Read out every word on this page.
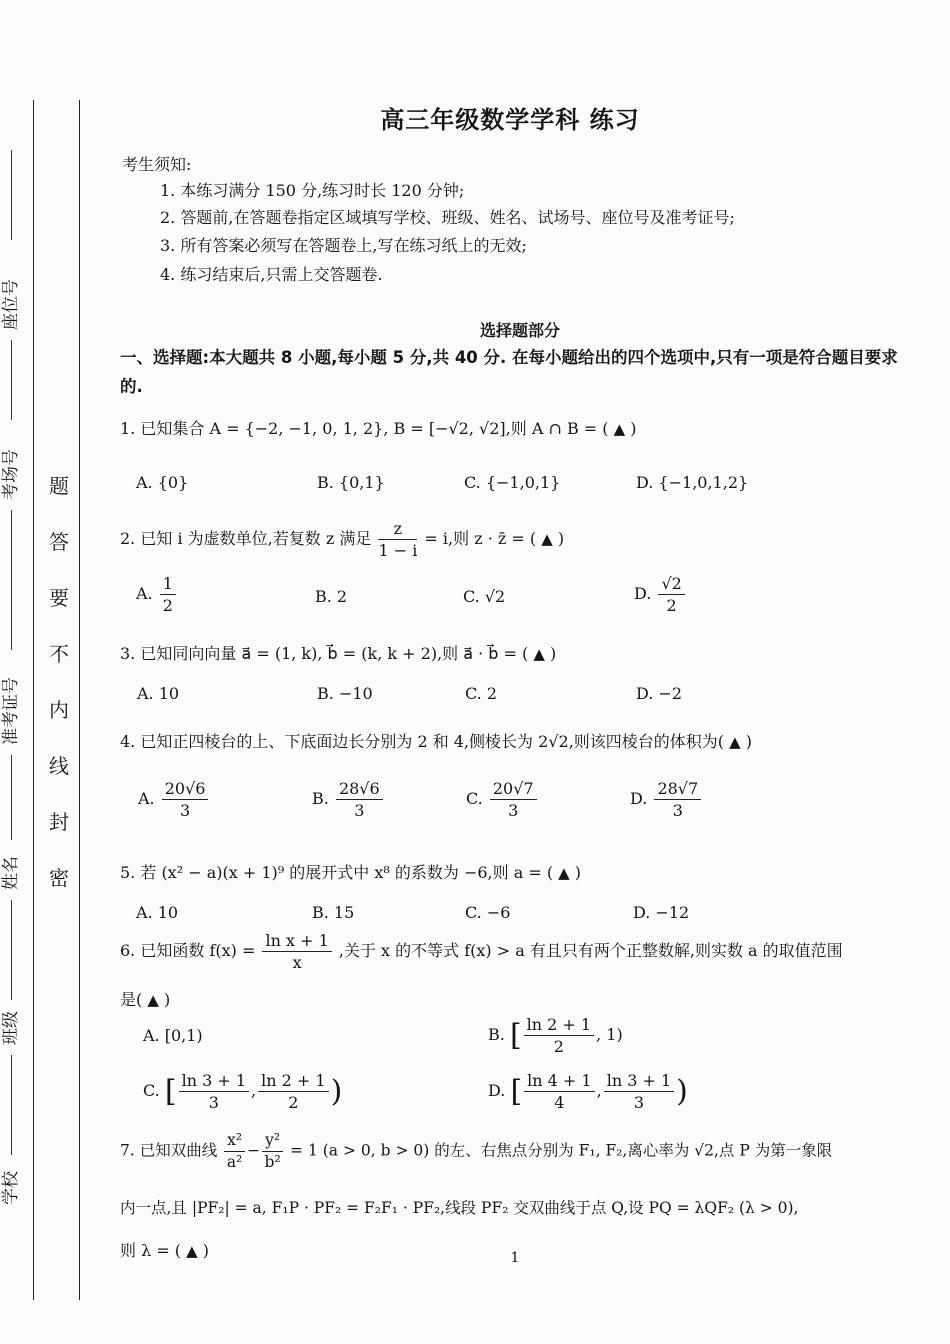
题
答
要
不
内
线
封
密
座位号
考场号
准考证号
姓名
班级
学校
高三年级数学学科 练习
考生须知:
1. 本练习满分 150 分,练习时长 120 分钟;
2. 答题前,在答题卷指定区域填写学校、班级、姓名、试场号、座位号及准考证号;
3. 所有答案必须写在答题卷上,写在练习纸上的无效;
4. 练习结束后,只需上交答题卷.
选择题部分
一、选择题:本大题共 8 小题,每小题 5 分,共 40 分. 在每小题给出的四个选项中,只有一项是符合题目要求的.
1. 已知集合 A = {−2, −1, 0, 1, 2}, B = [−√2, √2],则 A ∩ B = ( ▲ )
A. {0}	B. {0,1}	C. {−1,0,1}	D. {−1,0,1,2}
2. 已知 i 为虚数单位,若复数 z 满足 $\frac{z}{1 - i} = i$,则 z · z̄ = ( ▲ )
A. $\frac{1}{2}$	B. 2	C. √2	D. $\frac{√2}{2}$
3. 已知同向向量 a⃗ = (1, k), b⃗ = (k, k + 2),则 a⃗ · b⃗ = ( ▲ )
A. 10	B. −10	C. 2	D. −2
4. 已知正四棱台的上、下底面边长分别为 2 和 4,侧棱长为 2√2,则该四棱台的体积为( ▲ )
A. $\frac{20√6}{3}$	B. $\frac{28√6}{3}$	C. $\frac{20√7}{3}$	D. $\frac{28√7}{3}$
5. 若 (x² − a)(x + 1)⁹ 的展开式中 x⁸ 的系数为 −6,则 a = ( ▲ )
A. 10	B. 15	C. −6	D. −12
6. 已知函数 $f(x) = \frac{\text{ln x + 1}}{x}$ ,关于 x 的不等式 f(x) > a 有且只有两个正整数解,则实数 a 的取值范围
是( ▲ )
A. [0,1)	B. [ $\frac{\ln 2 + 1}{2}$ , 1)
C. [ $\frac{\ln 3 + 1}{3}$ , $\frac{\ln 2 + 1}{2}$ )	D. [ $\frac{\ln 4 + 1}{4}$ , $\frac{\ln 3 + 1}{3}$ )
7. 已知双曲线 $\frac{\text{x²}}{\text{a²}} - \frac{\text{y²}}{\text{b²}} = 1$ (a > 0, b > 0) 的左、右焦点分别为 F₁, F₂,离心率为 √2,点 P 为第一象限
内一点,且 |PF₂| = a, F₁P · PF₂ = F₂F₁ · PF₂,线段 PF₂ 交双曲线于点 Q,设 PQ = λQF₂ (λ > 0),
则 λ = ( ▲ )	1
